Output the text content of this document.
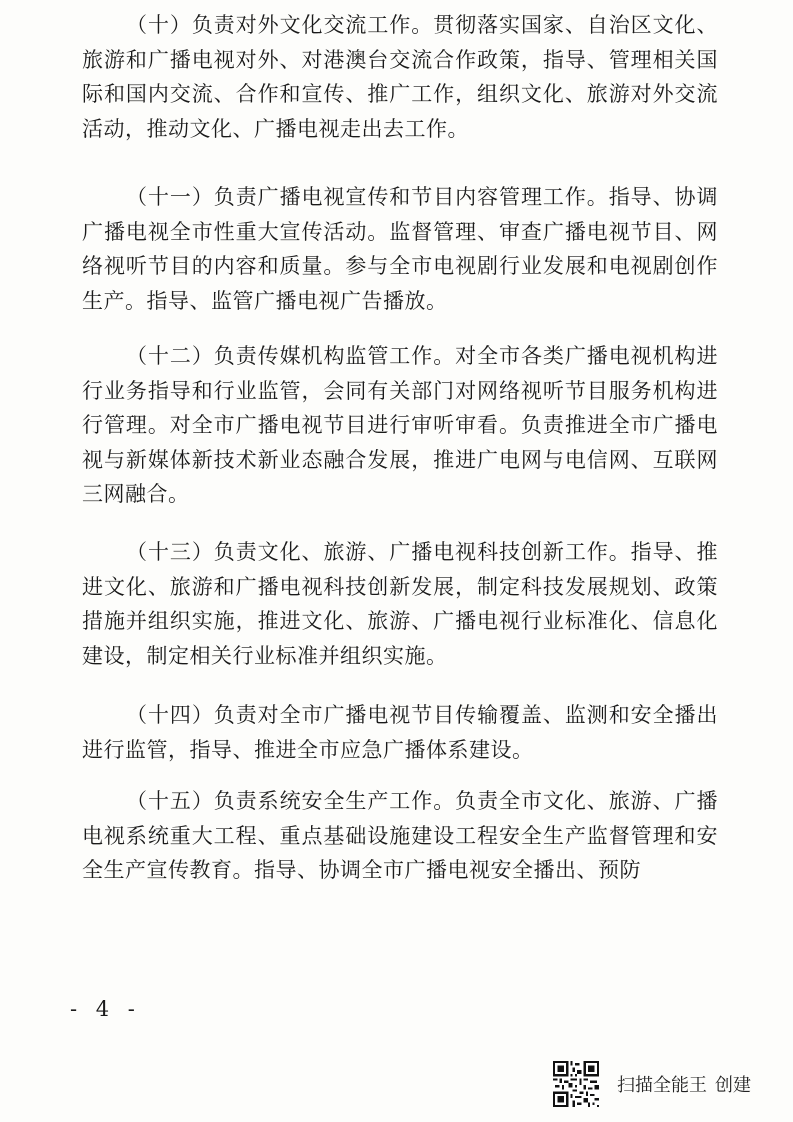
（十）负责对外文化交流工作。贯彻落实国家、自治区文化、旅游和广播电视对外、对港澳台交流合作政策，指导、管理相关国际和国内交流、合作和宣传、推广工作，组织文化、旅游对外交流活动，推动文化、广播电视走出去工作。

（十一）负责广播电视宣传和节目内容管理工作。指导、协调广播电视全市性重大宣传活动。监督管理、审查广播电视节目、网络视听节目的内容和质量。参与全市电视剧行业发展和电视剧创作生产。指导、监管广播电视广告播放。

（十二）负责传媒机构监管工作。对全市各类广播电视机构进行业务指导和行业监管，会同有关部门对网络视听节目服务机构进行管理。对全市广播电视节目进行审听审看。负责推进全市广播电视与新媒体新技术新业态融合发展，推进广电网与电信网、互联网三网融合。

（十三）负责文化、旅游、广播电视科技创新工作。指导、推进文化、旅游和广播电视科技创新发展，制定科技发展规划、政策措施并组织实施，推进文化、旅游、广播电视行业标准化、信息化建设，制定相关行业标准并组织实施。

（十四）负责对全市广播电视节目传输覆盖、监测和安全播出进行监管，指导、推进全市应急广播体系建设。

（十五）负责系统安全生产工作。负责全市文化、旅游、广播电视系统重大工程、重点基础设施建设工程安全生产监督管理和安全生产宣传教育。指导、协调全市广播电视安全播出、预防

- 4 -
扫描全能王 创建
